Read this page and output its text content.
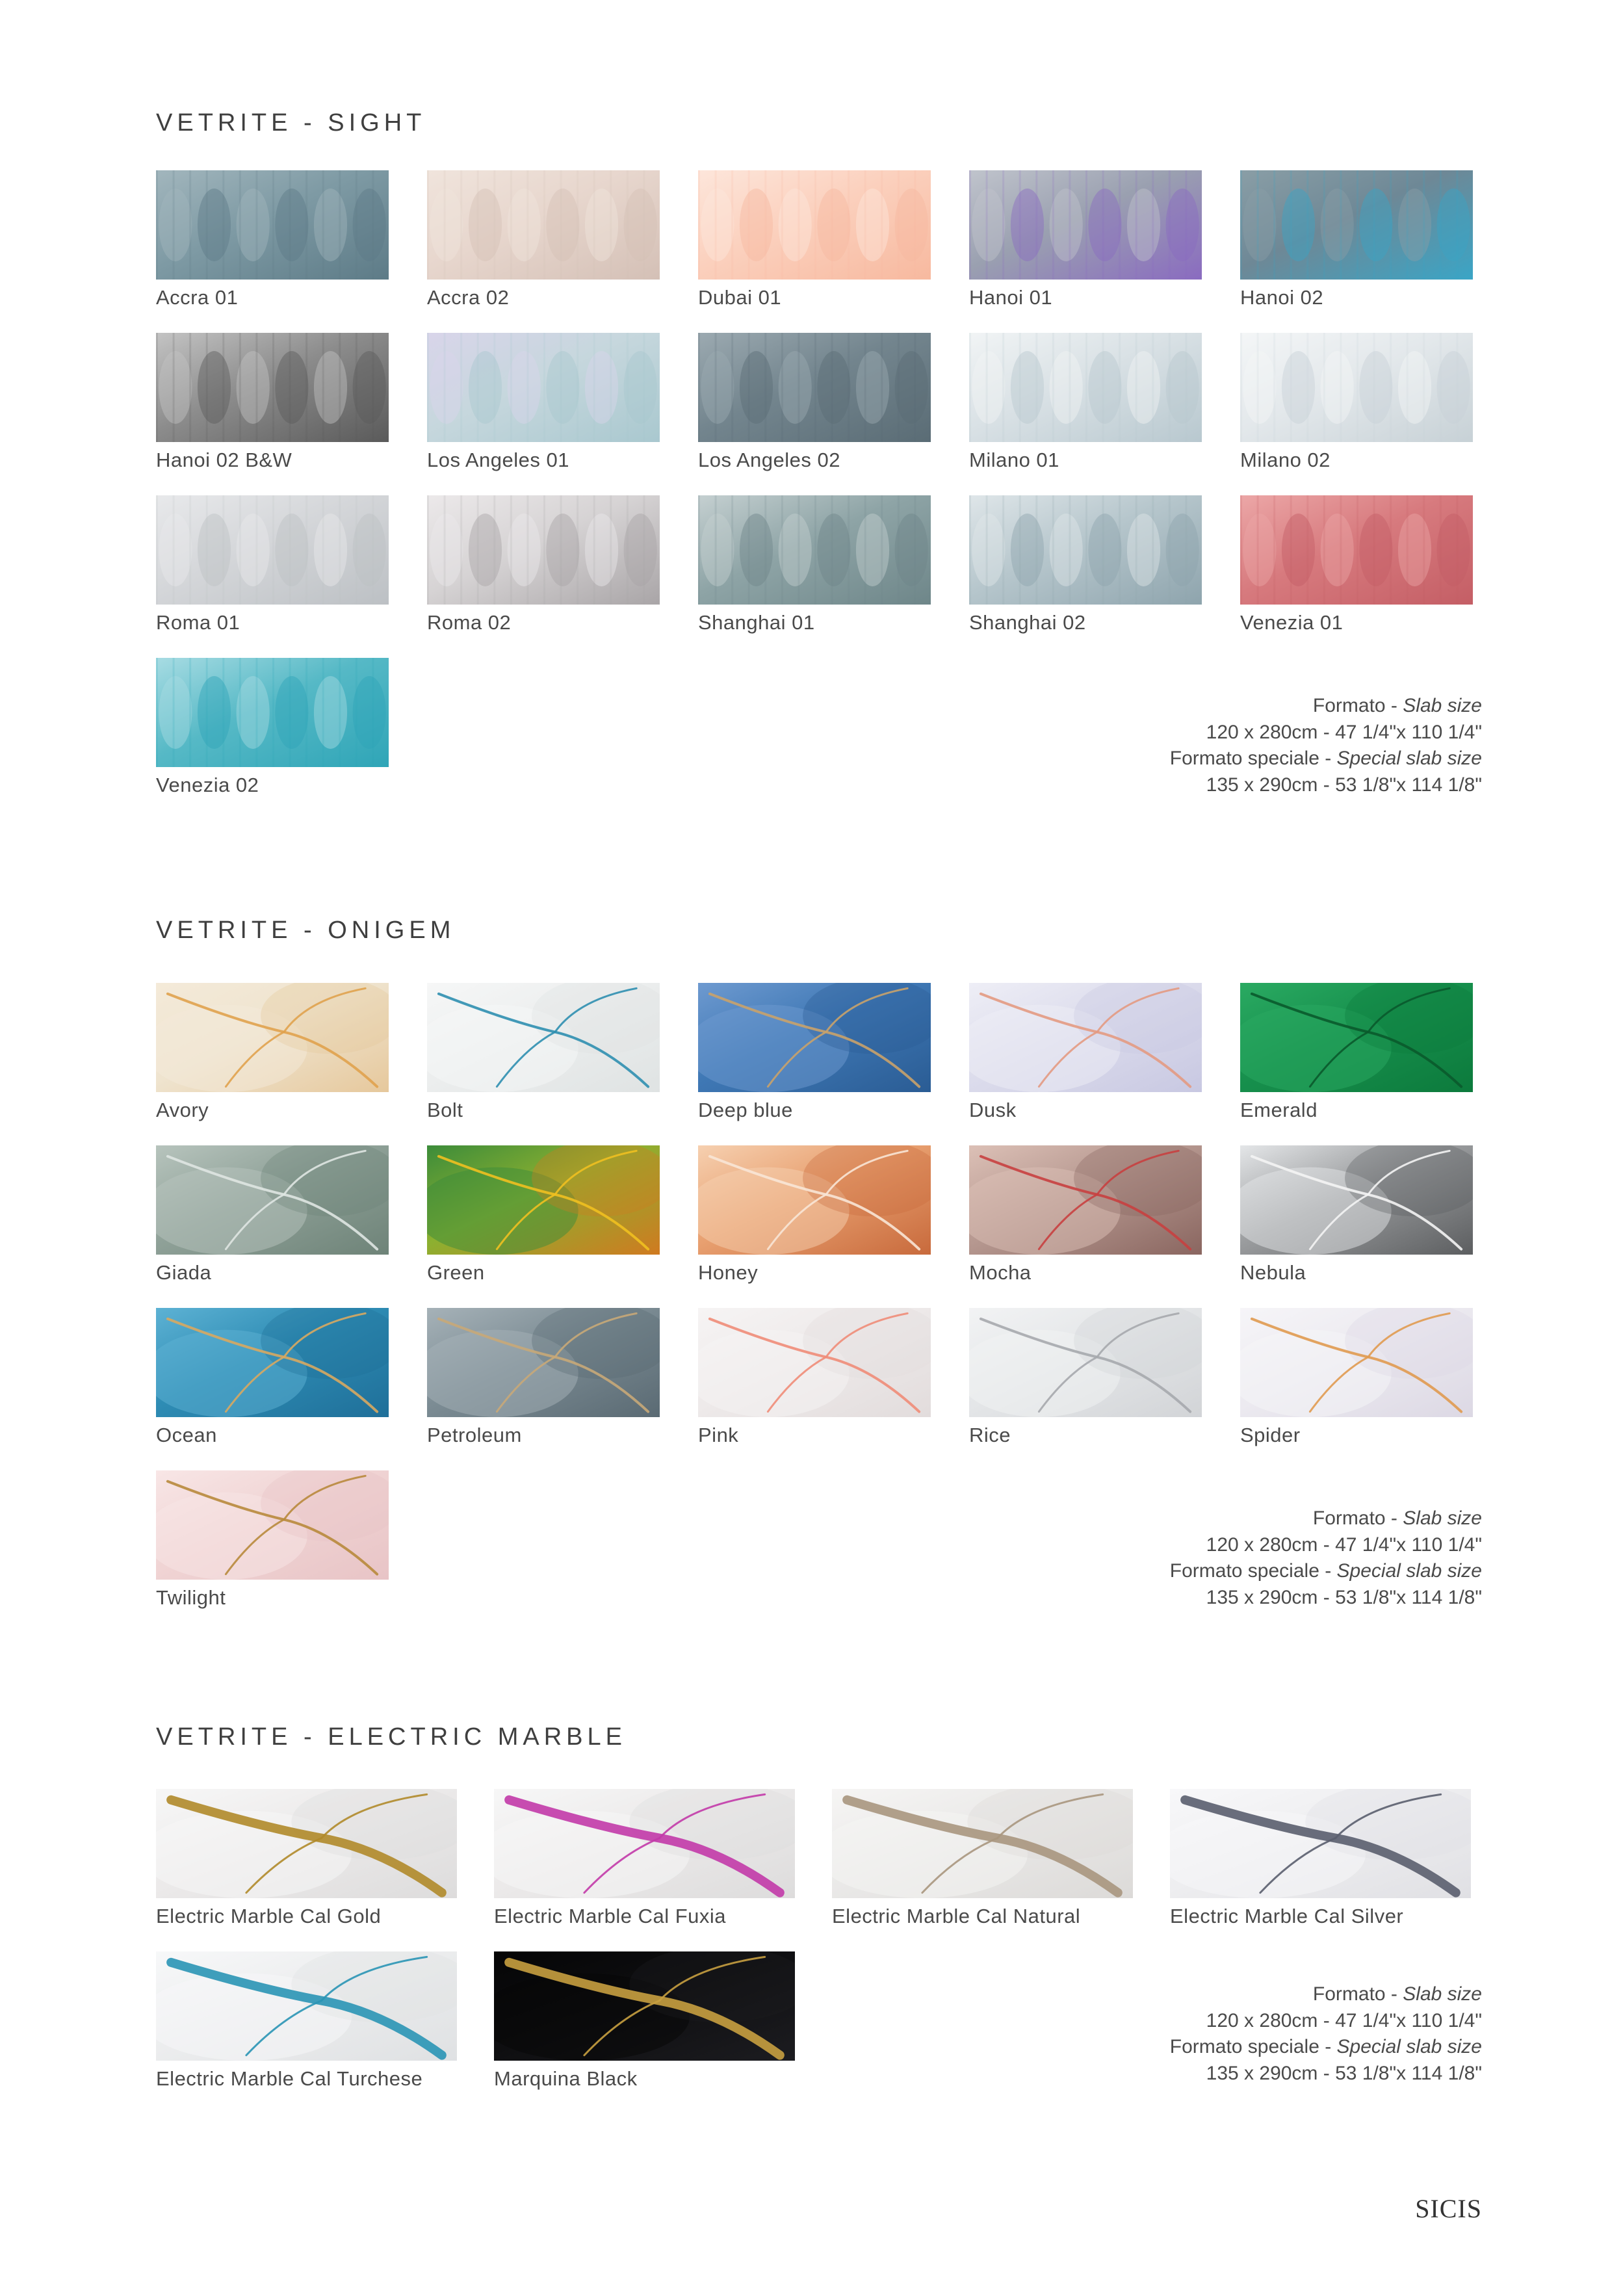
VETRITE - SIGHT
Accra 01	Accra 02	Dubai 01	Hanoi 01	Hanoi 02
Hanoi 02 B&W	Los Angeles 01	Los Angeles 02	Milano 01	Milano 02
Roma 01	Roma 02	Shanghai 01	Shanghai 02	Venezia 01
Venezia 02
Formato - Slab size
120 x 280cm - 47 1/4"x 110 1/4"
Formato speciale - Special slab size
135 x 290cm - 53 1/8"x 114 1/8"
VETRITE - ONIGEM
Avory	Bolt	Deep blue	Dusk	Emerald
Giada	Green	Honey	Mocha	Nebula
Ocean	Petroleum	Pink	Rice	Spider
Twilight
Formato - Slab size
120 x 280cm - 47 1/4"x 110 1/4"
Formato speciale - Special slab size
135 x 290cm - 53 1/8"x 114 1/8"
VETRITE - ELECTRIC MARBLE
Electric Marble Cal Gold	Electric Marble Cal Fuxia	Electric Marble Cal Natural	Electric Marble Cal Silver
Electric Marble Cal Turchese	Marquina Black
Formato - Slab size
120 x 280cm - 47 1/4"x 110 1/4"
Formato speciale - Special slab size
135 x 290cm - 53 1/8"x 114 1/8"
SICIS
